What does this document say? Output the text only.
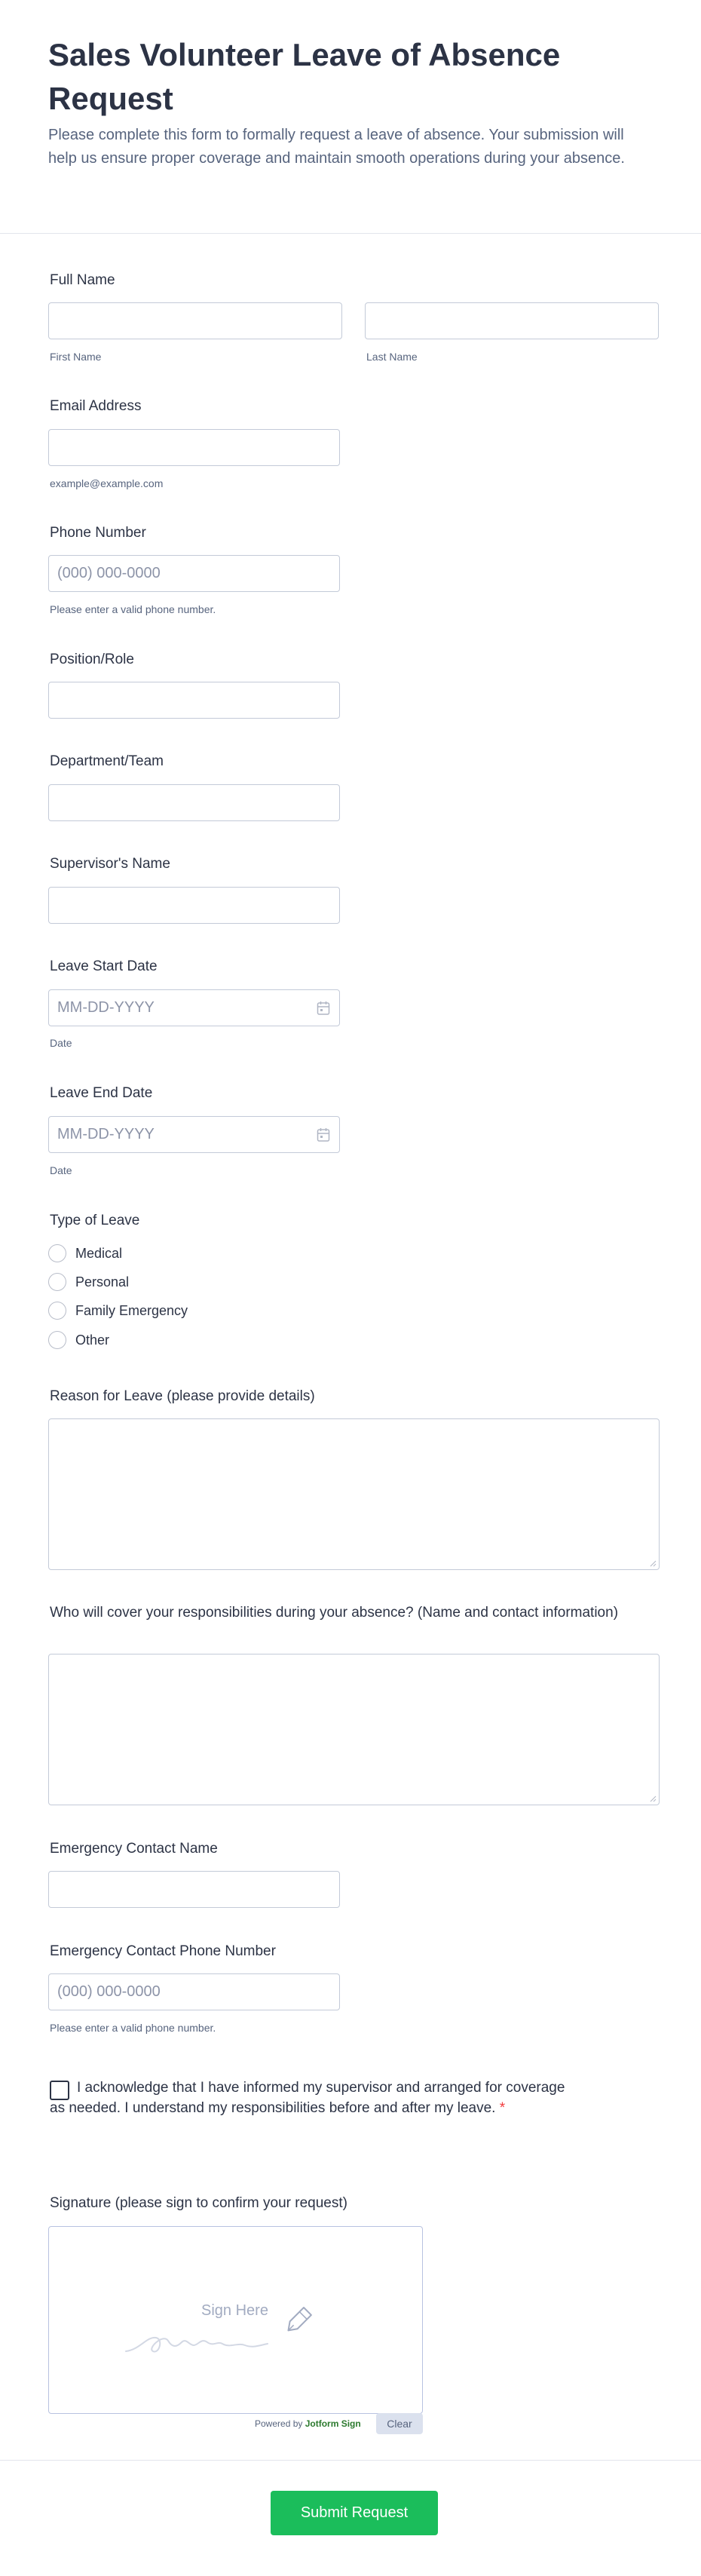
Sales Volunteer Leave of Absence Request

Please complete this form to formally request a leave of absence. Your submission will help us ensure proper coverage and maintain smooth operations during your absence.

Full Name
First Name	Last Name
Email Address
example@example.com
Phone Number
(000) 000-0000
Please enter a valid phone number.
Position/Role
Department/Team
Supervisor's Name
Leave Start Date
MM-DD-YYYY
Date
Leave End Date
MM-DD-YYYY
Date
Type of Leave
Medical
Personal
Family Emergency
Other
Reason for Leave (please provide details)
Who will cover your responsibilities during your absence? (Name and contact information)
Emergency Contact Name
Emergency Contact Phone Number
(000) 000-0000
Please enter a valid phone number.
I acknowledge that I have informed my supervisor and arranged for coverage as needed. I understand my responsibilities before and after my leave. *
Signature (please sign to confirm your request)
Sign Here
Powered by Jotform Sign	Clear
Submit Request
